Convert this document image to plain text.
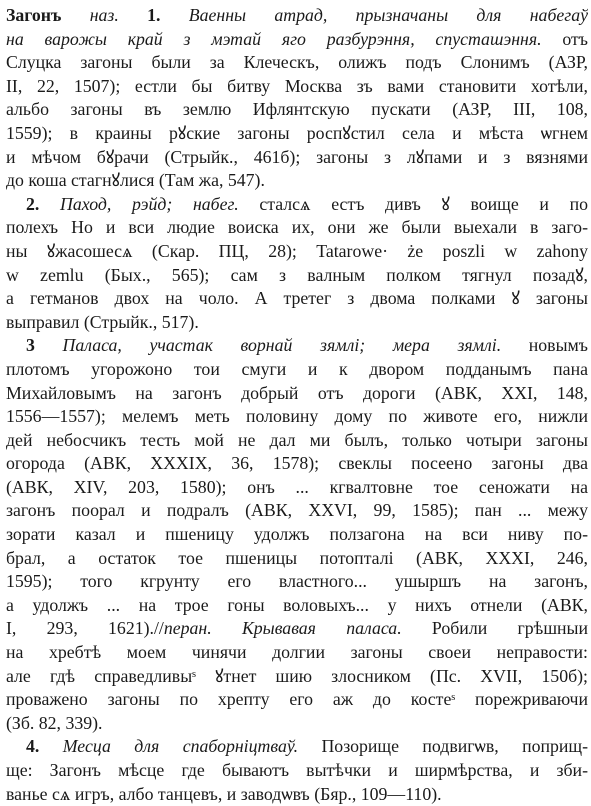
Загонъ наз. 1. Ваенны атрад, прызначаны для набегаў
на варожы край з мэтай яго разбурэння, спусташэння. отъ
Слуцка загоны были за Клеческъ, олижъ подъ Слонимъ (АЗР,
II, 22, 1507); естли бы битву Москва зъ вами становити хотѣли,
альбо загоны въ землю Ифлянтскую пускати (АЗР, III, 108,
1559); в краины рꙋские загоны роспꙋстил села и мѣста ѡгнем
и мѣчом бꙋрачи (Стрыйк., 461б); загоны з лꙋпами и з вязнями
до коша стагнꙋлися (Там жа, 547).
2. Паход, рэйд; набег. сталсѧ естъ дивъ ꙋ воище и по
полехъ Но и вси людие воиска их, они же были выехали в заго-
ны ꙋжасошесѧ (Скар. ПЦ, 28); Tatarowe· że poszli w zahony
w zemlu (Бых., 565); сам з валным полком тягнул позадꙋ,
а гетманов двох на чоло. А третег з двома полками ꙋ загоны
выправил (Стрыйк., 517).
3 Паласа, участак ворнай зямлі; мера зямлі. новымъ
плотомъ угорожоно тои смуги и к двором подданымъ пана
Михайловымъ на загонъ добрый отъ дороги (АВК, XXI, 148,
1556—1557); мелемъ меть половину дому по животе его, нижли
дей небосчикъ тесть мой не дал ми былъ, только чотыри загоны
огорода (АВК, XXXIX, 36, 1578); свеклы посеено загоны два
(АВК, XIV, 203, 1580); онъ ... кгвалтовне тое сеножати на
загонъ поорал и подралъ (АВК, XXVI, 99, 1585); пан ... межу
зорати казал и пшеницу удолжъ ползагона на вси ниву по-
брал, а остаток тое пшеницы потопталі (АВК, XXXI, 246,
1595); того кгрунту его властного... ушыршъ на загонъ,
а удолжъ ... на трое гоны воловыхъ... у нихъ отнели (АВК,
I, 293, 1621).//перан. Крывавая паласа. Робили грѣшныи
на хребтѣ моем чинячи долгии загоны своеи неправости:
але гдѣ справедливыˢ ꙋтнет шию злосником (Пс. XVII, 150б);
проважено загоны по хрепту его аж до костеˢ порежриваючи
(Зб. 82, 339).
4. Месца для спаборніцтваў. Позорище подвигѡв, поприщ-
ще: Загонъ мѣсце где бываютъ вытѣчки и ширмѣрства, и зби-
ванье сѧ игръ, албо танцевъ, и заводѡвъ (Бяр., 109—110).
